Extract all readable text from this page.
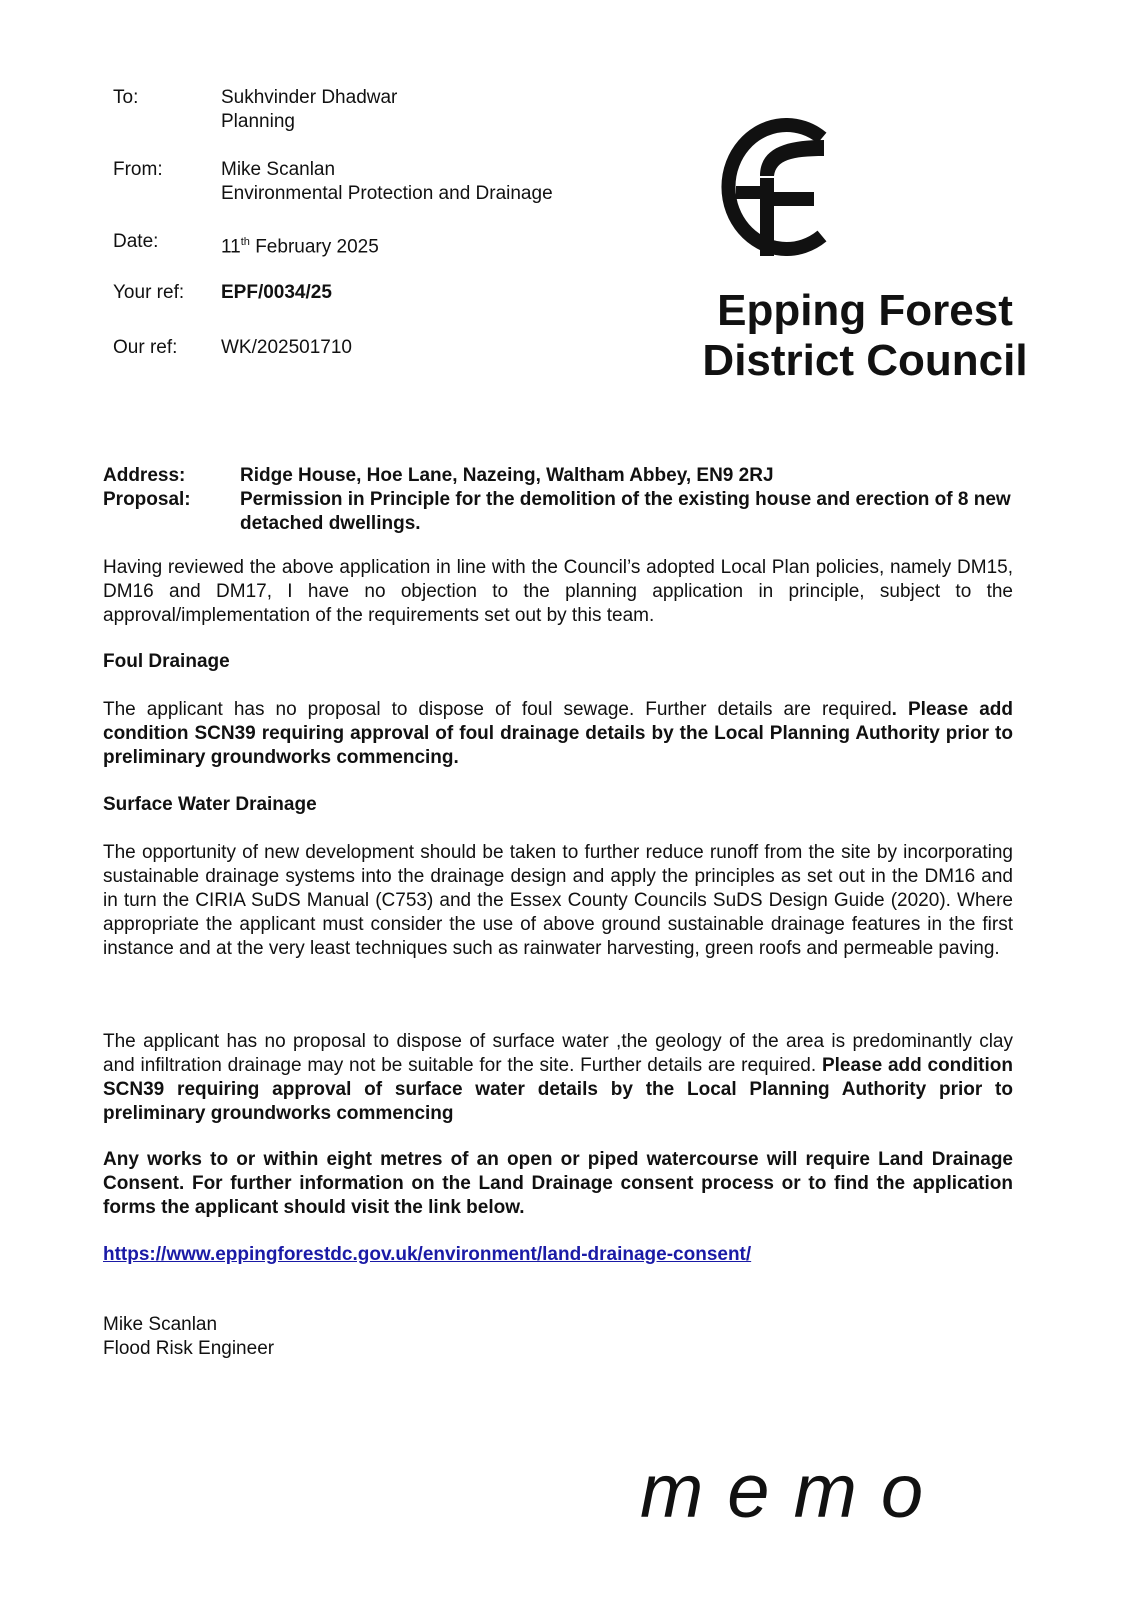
To:	Sukhvinder Dhadwar
Planning
From:	Mike Scanlan
Environmental Protection and Drainage
Date:	11th February 2025
Your ref:	EPF/0034/25
Our ref:	WK/202501710
Epping Forest
District Council
Address:	Ridge House, Hoe Lane, Nazeing, Waltham Abbey, EN9 2RJ
Proposal:	Permission in Principle for the demolition of the existing house and erection of 8 new detached dwellings.
Having reviewed the above application in line with the Council’s adopted Local Plan policies, namely DM15, DM16 and DM17, I have no objection to the planning application in principle, subject to the approval/implementation of the requirements set out by this team.
Foul Drainage
The applicant has no proposal to dispose of foul sewage. Further details are required. Please add condition SCN39 requiring approval of foul drainage details by the Local Planning Authority prior to preliminary groundworks commencing.
Surface Water Drainage
The opportunity of new development should be taken to further reduce runoff from the site by incorporating sustainable drainage systems into the drainage design and apply the principles as set out in the DM16 and in turn the CIRIA SuDS Manual (C753) and the Essex County Councils SuDS Design Guide (2020). Where appropriate the applicant must consider the use of above ground sustainable drainage features in the first instance and at the very least techniques such as rainwater harvesting, green roofs and permeable paving.
The applicant has no proposal to dispose of surface water ,the geology of the area is predominantly clay and infiltration drainage may not be suitable for the site. Further details are required. Please add condition SCN39 requiring approval of surface water details by the Local Planning Authority prior to preliminary groundworks commencing
Any works to or within eight metres of an open or piped watercourse will require Land Drainage Consent. For further information on the Land Drainage consent process or to find the application forms the applicant should visit the link below.
https://www.eppingforestdc.gov.uk/environment/land-drainage-consent/
Mike Scanlan
Flood Risk Engineer
memo
